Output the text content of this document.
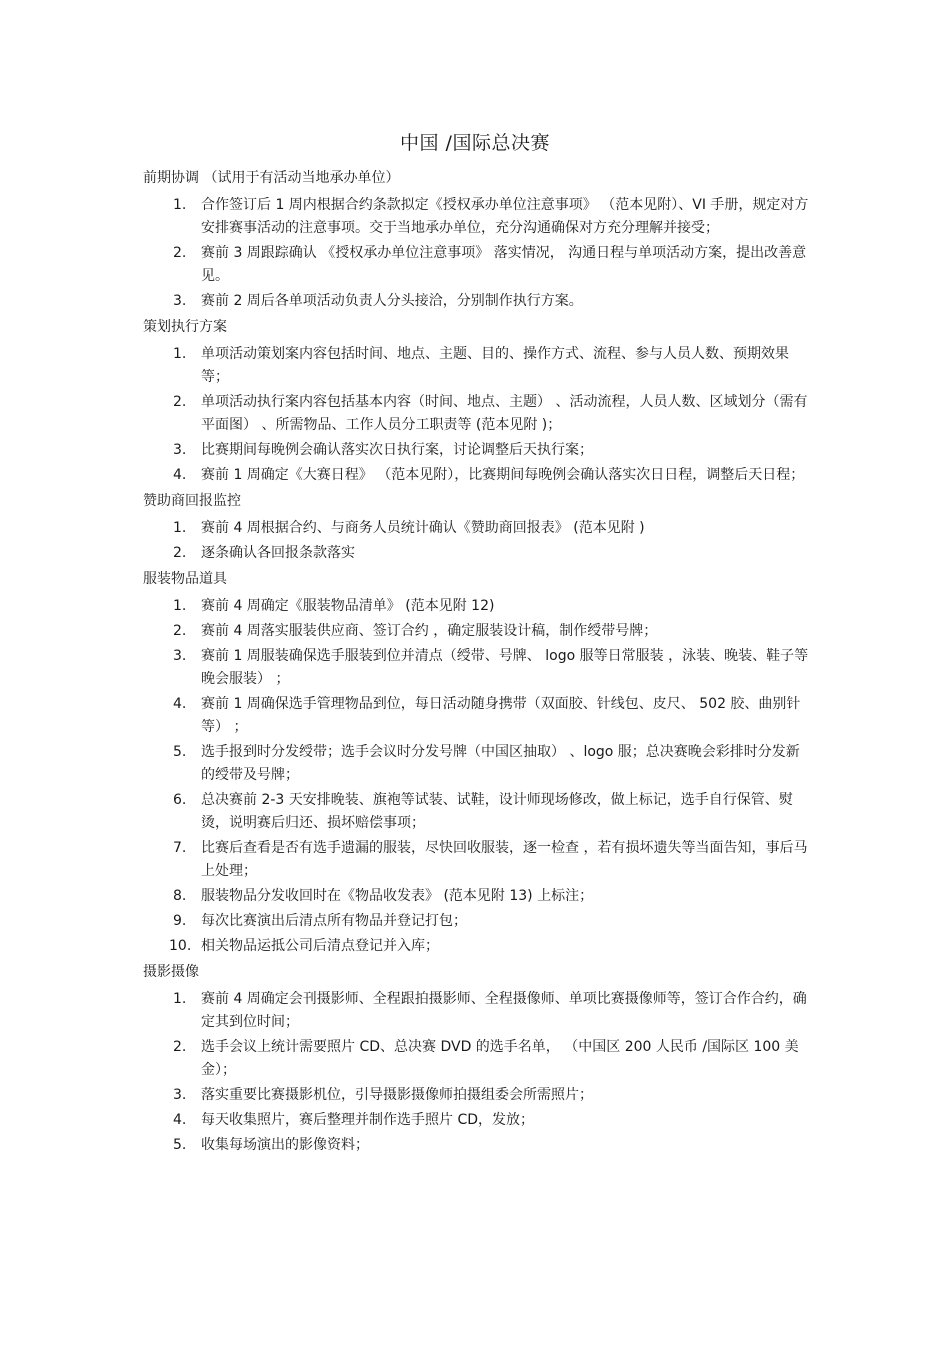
中国 /国际总决赛
前期协调 （试用于有活动当地承办单位）
1. 合作签订后 1 周内根据合约条款拟定《授权承办单位注意事项》 （范本见附）、VI 手册，规定对方安排赛事活动的注意事项。交于当地承办单位，充分沟通确保对方充分理解并接受；
2. 赛前 3 周跟踪确认 《授权承办单位注意事项》 落实情况， 沟通日程与单项活动方案，提出改善意见。
3. 赛前 2 周后各单项活动负责人分头接洽，分别制作执行方案。
策划执行方案
1. 单项活动策划案内容包括时间、地点、主题、目的、操作方式、流程、参与人员人数、预期效果等；
2. 单项活动执行案内容包括基本内容（时间、地点、主题） 、活动流程，人员人数、区域划分（需有平面图） 、所需物品、工作人员分工职责等 (范本见附 )；
3. 比赛期间每晚例会确认落实次日执行案，讨论调整后天执行案；
4. 赛前 1 周确定《大赛日程》 （范本见附），比赛期间每晚例会确认落实次日日程，调整后天日程；
赞助商回报监控
1. 赛前 4 周根据合约、与商务人员统计确认《赞助商回报表》 (范本见附 )
2. 逐条确认各回报条款落实
服装物品道具
1. 赛前 4 周确定《服装物品清单》 (范本见附 12)
2. 赛前 4 周落实服装供应商、签订合约 ，确定服装设计稿，制作绶带号牌；
3. 赛前 1 周服装确保选手服装到位并清点（绶带、号牌、 logo 服等日常服装 ，泳装、晚装、鞋子等晚会服装） ；
4. 赛前 1 周确保选手管理物品到位，每日活动随身携带（双面胶、针线包、皮尺、 502 胶、曲别针等） ；
5. 选手报到时分发绶带；选手会议时分发号牌（中国区抽取） 、logo 服；总决赛晚会彩排时分发新的绶带及号牌；
6. 总决赛前 2-3 天安排晚装、旗袍等试装、试鞋，设计师现场修改，做上标记，选手自行保管、熨烫，说明赛后归还、损坏赔偿事项；
7. 比赛后查看是否有选手遗漏的服装，尽快回收服装，逐一检查 ，若有损坏遗失等当面告知，事后马上处理；
8. 服装物品分发收回时在《物品收发表》 (范本见附 13) 上标注；
9. 每次比赛演出后清点所有物品并登记打包；
10. 相关物品运抵公司后清点登记并入库；
摄影摄像
1. 赛前 4 周确定会刊摄影师、全程跟拍摄影师、全程摄像师、单项比赛摄像师等，签订合作合约，确定其到位时间；
2. 选手会议上统计需要照片 CD、总决赛 DVD 的选手名单， （中国区 200 人民币 /国际区 100 美金）；
3. 落实重要比赛摄影机位，引导摄影摄像师拍摄组委会所需照片；
4. 每天收集照片，赛后整理并制作选手照片 CD，发放；
5. 收集每场演出的影像资料；
